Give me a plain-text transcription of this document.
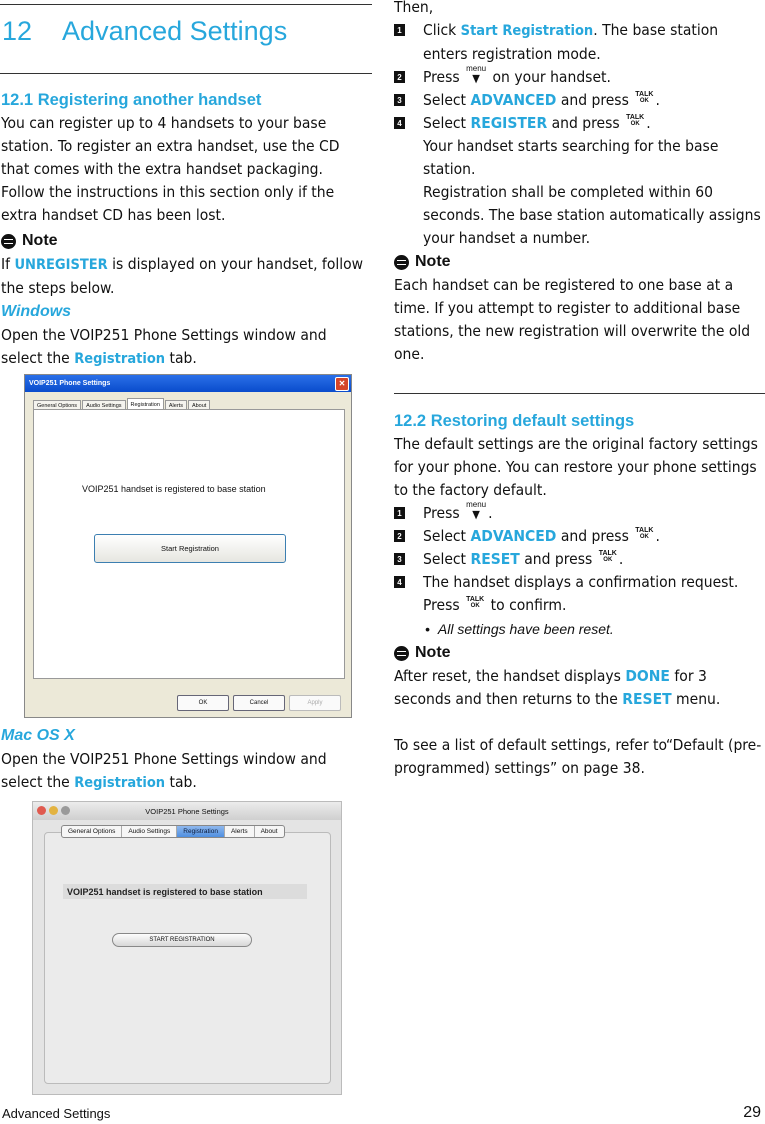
12 Advanced Settings
12.1 Registering another handset
You can register up to 4 handsets to your base station. To register an extra handset, use the CD that comes with the extra handset packaging. Follow the instructions in this section only if the extra handset CD has been lost.
Note
If UNREGISTER is displayed on your handset, follow the steps below.
Windows
Open the VOIP251 Phone Settings window and select the Registration tab.
VOIP251 Phone Settings	✕
General Options	Audio Settings	Registration	Alerts	About
VOIP251 handset is registered to base station
Start Registration
OK	Cancel	Apply
Mac OS X
Open the VOIP251 Phone Settings window and select the Registration tab.
VOIP251 Phone Settings
General Options	Audio Settings	Registration	Alerts	About
VOIP251 handset is registered to base station
START REGISTRATION
Then,
1 Click Start Registration. The base station enters registration mode.
2 Press menu
▼ on your handset.
3 Select ADVANCED and press TALK
OK .
4 Select REGISTER and press TALK
OK .
Your handset starts searching for the base station.
Registration shall be completed within 60 seconds. The base station automatically assigns your handset a number.
Note
Each handset can be registered to one base at a time. If you attempt to register to additional base stations, the new registration will overwrite the old one.
12.2 Restoring default settings
The default settings are the original factory settings for your phone. You can restore your phone settings to the factory default.
1 Press menu
▼ .
2 Select ADVANCED and press TALK
OK .
3 Select RESET and press TALK
OK .
4 The handset displays a confirmation request. Press TALK
OK to confirm.
• All settings have been reset.
Note
After reset, the handset displays DONE for 3 seconds and then returns to the RESET menu.
To see a list of default settings, refer to“Default (pre-programmed) settings” on page 38.
Advanced Settings	29
